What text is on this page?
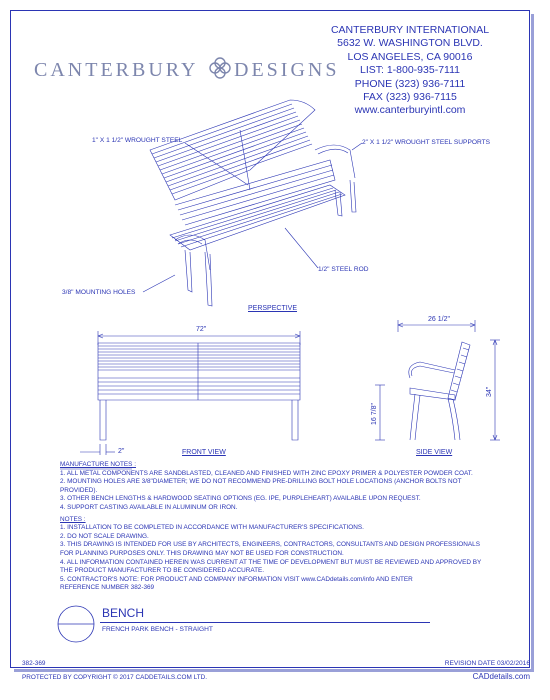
CANTERBURY DESIGNS
CANTERBURY INTERNATIONAL
5632 W. WASHINGTON BLVD.
LOS ANGELES, CA 90016
LIST: 1-800-935-7111
PHONE (323) 936-7111
FAX (323) 936-7115
www.canterburyintl.com
1" X 1 1/2" WROUGHT STEEL	2" X 1 1/2" WROUGHT STEEL SUPPORTS
1/2" STEEL ROD
3/8" MOUNTING HOLES
PERSPECTIVE
FRONT VIEW	SIDE VIEW
72"
2"
26 1/2"
34"
16 7/8"
MANUFACTURE NOTES :
1. ALL METAL COMPONENTS ARE SANDBLASTED, CLEANED AND FINISHED WITH ZINC EPOXY PRIMER & POLYESTER POWDER COAT.
2. MOUNTING HOLES ARE 3/8"DIAMETER; WE DO NOT RECOMMEND PRE-DRILLING BOLT HOLE LOCATIONS (ANCHOR BOLTS NOT
PROVIDED).
3. OTHER BENCH LENGTHS & HARDWOOD SEATING OPTIONS (EG. IPE, PURPLEHEART) AVAILABLE UPON REQUEST.
4. SUPPORT CASTING AVAILABLE IN ALUMINUM OR IRON.
NOTES :
1. INSTALLATION TO BE COMPLETED IN ACCORDANCE WITH MANUFACTURER'S SPECIFICATIONS.
2. DO NOT SCALE DRAWING.
3. THIS DRAWING IS INTENDED FOR USE BY ARCHITECTS, ENGINEERS, CONTRACTORS, CONSULTANTS AND DESIGN PROFESSIONALS
FOR PLANNING PURPOSES ONLY. THIS DRAWING MAY NOT BE USED FOR CONSTRUCTION.
4. ALL INFORMATION CONTAINED HEREIN WAS CURRENT AT THE TIME OF DEVELOPMENT BUT MUST BE REVIEWED AND APPROVED BY
THE PRODUCT MANUFACTURER TO BE CONSIDERED ACCURATE.
5. CONTRACTOR'S NOTE: FOR PRODUCT AND COMPANY INFORMATION VISIT www.CADdetails.com/info AND ENTER
REFERENCE NUMBER 382-369
BENCH
FRENCH PARK BENCH - STRAIGHT
382-369	REVISION DATE 03/02/2016
PROTECTED BY COPYRIGHT © 2017 CADDETAILS.COM LTD.	CADdetails.com
